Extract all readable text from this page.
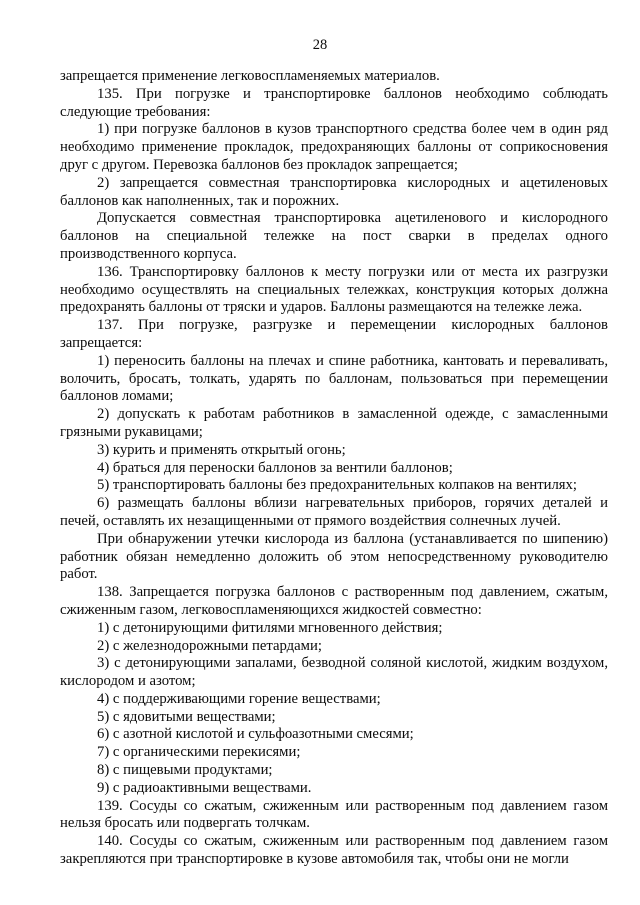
28

запрещается применение легковоспламеняемых материалов.

135. При погрузке и транспортировке баллонов необходимо соблюдать следующие требования:

1) при погрузке баллонов в кузов транспортного средства более чем в один ряд необходимо применение прокладок, предохраняющих баллоны от соприкосновения друг с другом. Перевозка баллонов без прокладок запрещается;

2) запрещается совместная транспортировка кислородных и ацетиленовых баллонов как наполненных, так и порожних.

Допускается совместная транспортировка ацетиленового и кислородного баллонов на специальной тележке на пост сварки в пределах одного производственного корпуса.

136. Транспортировку баллонов к месту погрузки или от места их разгрузки необходимо осуществлять на специальных тележках, конструкция которых должна предохранять баллоны от тряски и ударов. Баллоны размещаются на тележке лежа.

137. При погрузке, разгрузке и перемещении кислородных баллонов запрещается:

1) переносить баллоны на плечах и спине работника, кантовать и переваливать, волочить, бросать, толкать, ударять по баллонам, пользоваться при перемещении баллонов ломами;

2) допускать к работам работников в замасленной одежде, с замасленными грязными рукавицами;

3) курить и применять открытый огонь;

4) браться для переноски баллонов за вентили баллонов;

5) транспортировать баллоны без предохранительных колпаков на вентилях;

6) размещать баллоны вблизи нагревательных приборов, горячих деталей и печей, оставлять их незащищенными от прямого воздействия солнечных лучей.

При обнаружении утечки кислорода из баллона (устанавливается по шипению) работник обязан немедленно доложить об этом непосредственному руководителю работ.

138. Запрещается погрузка баллонов с растворенным под давлением, сжатым, сжиженным газом, легковоспламеняющихся жидкостей совместно:

1) с детонирующими фитилями мгновенного действия;

2) с железнодорожными петардами;

3) с детонирующими запалами, безводной соляной кислотой, жидким воздухом, кислородом и азотом;

4) с поддерживающими горение веществами;

5) с ядовитыми веществами;

6) с азотной кислотой и сульфоазотными смесями;

7) с органическими перекисями;

8) с пищевыми продуктами;

9) с радиоактивными веществами.

139. Сосуды со сжатым, сжиженным или растворенным под давлением газом нельзя бросать или подвергать толчкам.

140. Сосуды со сжатым, сжиженным или растворенным под давлением газом закрепляются при транспортировке в кузове автомобиля так, чтобы они не могли
